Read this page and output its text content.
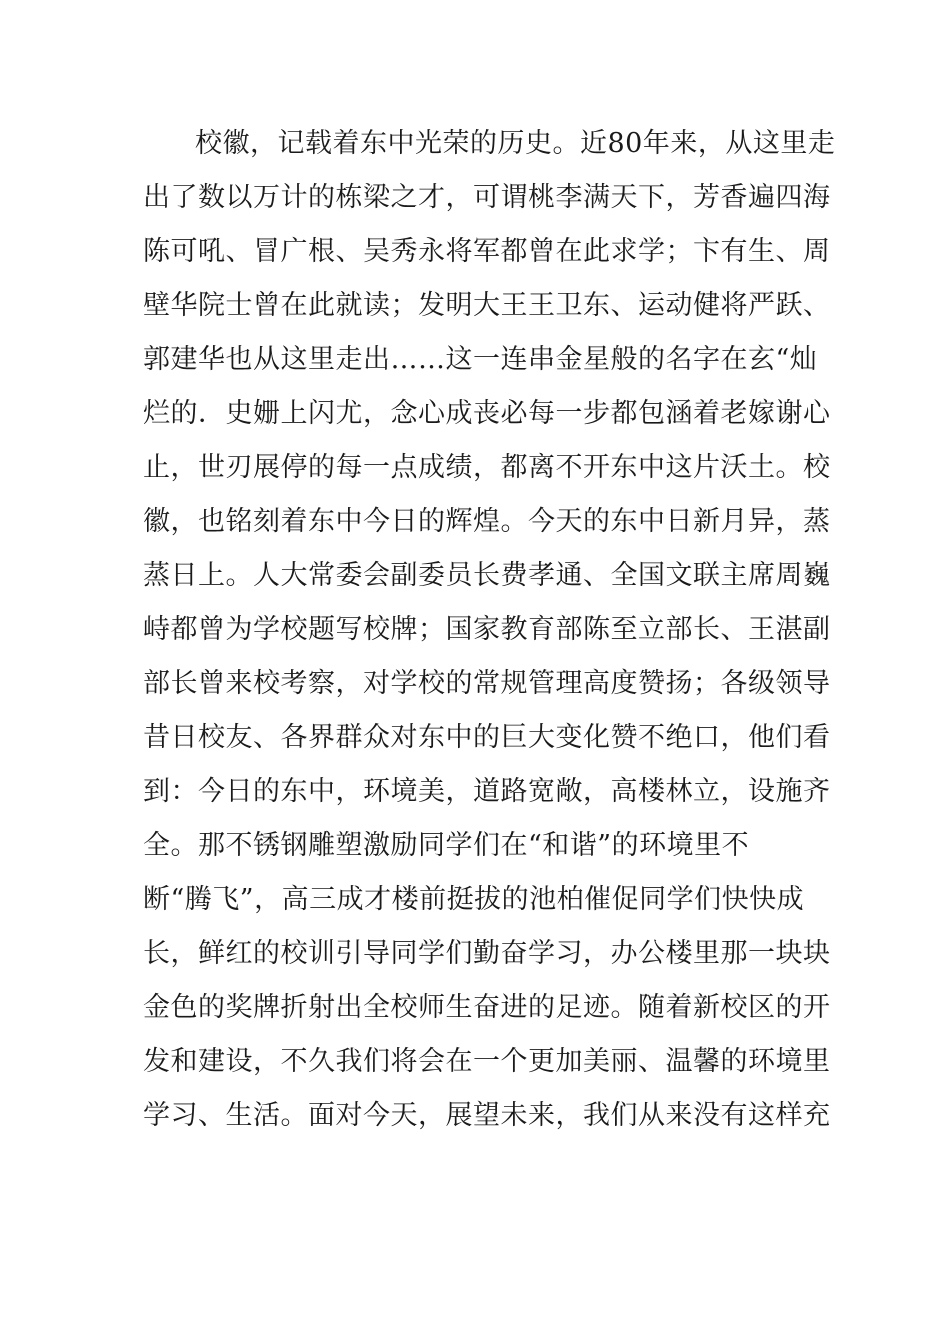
校徽，记载着东中光荣的历史。近80年来，从这里走
出了数以万计的栋梁之才，可谓桃李满天下，芳香遍四海
陈可吼、冒广根、吴秀永将军都曾在此求学；卞有生、周
壁华院士曾在此就读；发明大王王卫东、运动健将严跃、
郭建华也从这里走出……这一连串金星般的名字在玄“灿
烂的．史姗上闪尤，念心成丧必每一步都包涵着老嫁谢心
止，世刃展停的每一点成绩，都离不开东中这片沃土。校
徽，也铭刻着东中今日的辉煌。今天的东中日新月异，蒸
蒸日上。人大常委会副委员长费孝通、全国文联主席周巍
峙都曾为学校题写校牌；国家教育部陈至立部长、王湛副
部长曾来校考察，对学校的常规管理高度赞扬；各级领导
昔日校友、各界群众对东中的巨大变化赞不绝口，他们看
到：今日的东中，环境美，道路宽敞，高楼林立，设施齐
全。那不锈钢雕塑激励同学们在“和谐”的环境里不
断“腾飞”，高三成才楼前挺拔的池柏催促同学们快快成
长，鲜红的校训引导同学们勤奋学习，办公楼里那一块块
金色的奖牌折射出全校师生奋进的足迹。随着新校区的开
发和建设，不久我们将会在一个更加美丽、温馨的环境里
学习、生活。面对今天，展望未来，我们从来没有这样充
